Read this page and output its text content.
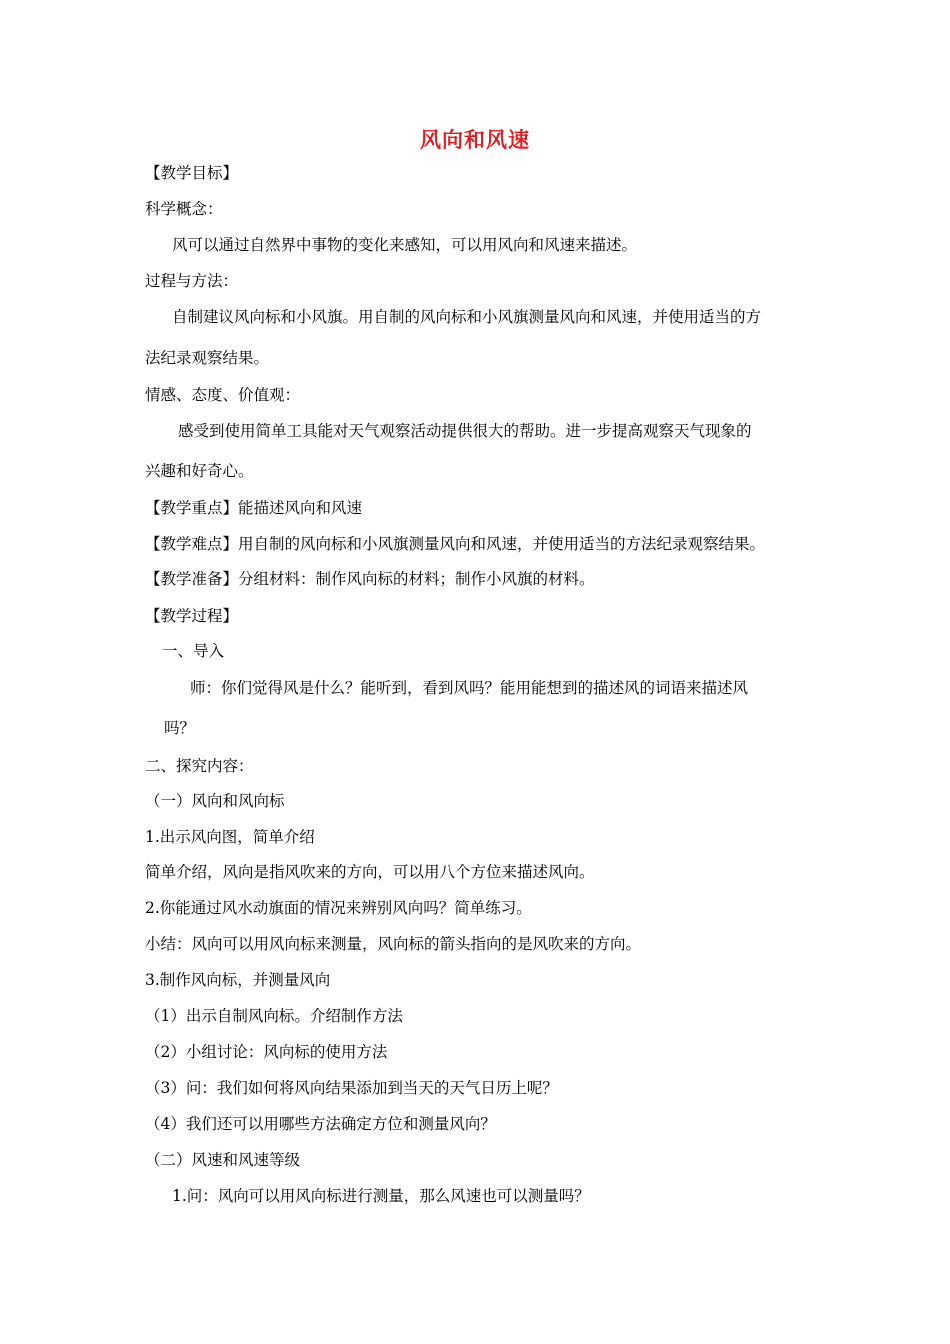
风向和风速
【教学目标】
科学概念：
风可以通过自然界中事物的变化来感知，可以用风向和风速来描述。
过程与方法：
自制建议风向标和小风旗。用自制的风向标和小风旗测量风向和风速，并使用适当的方
法纪录观察结果。
情感、态度、价值观：
感受到使用简单工具能对天气观察活动提供很大的帮助。进一步提高观察天气现象的
兴趣和好奇心。
【教学重点】能描述风向和风速
【教学难点】用自制的风向标和小风旗测量风向和风速，并使用适当的方法纪录观察结果。
【教学准备】分组材料：制作风向标的材料；制作小风旗的材料。
【教学过程】
一、导入
师：你们觉得风是什么？能听到，看到风吗？能用能想到的描述风的词语来描述风
吗？
二、探究内容：
（一）风向和风向标
1.出示风向图，简单介绍
简单介绍，风向是指风吹来的方向，可以用八个方位来描述风向。
2.你能通过风水动旗面的情况来辨别风向吗？简单练习。
小结：风向可以用风向标来测量，风向标的箭头指向的是风吹来的方向。
3.制作风向标，并测量风向
（1）出示自制风向标。介绍制作方法
（2）小组讨论：风向标的使用方法
（3）问：我们如何将风向结果添加到当天的天气日历上呢？
（4）我们还可以用哪些方法确定方位和测量风向？
（二）风速和风速等级
1.问：风向可以用风向标进行测量，那么风速也可以测量吗？
